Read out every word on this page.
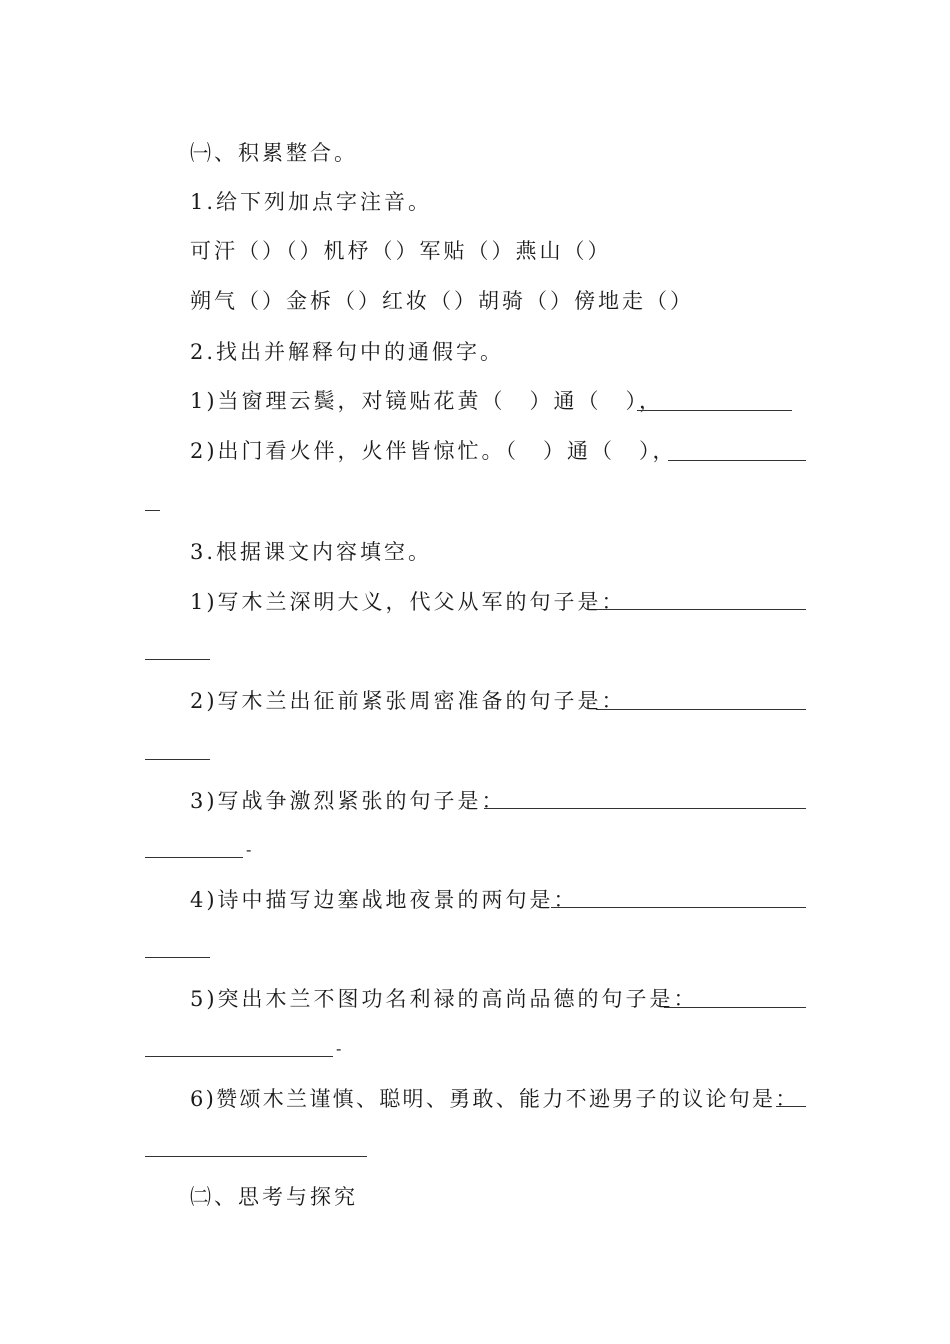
㈠、积累整合。
1.给下列加点字注音。
可汗（）（）机杼（）军贴（）燕山（）
朔气（）金柝（）红妆（）胡骑（）傍地走（）
2.找出并解释句中的通假字。
1)当窗理云鬓，对镜贴花黄（　）通（　），
2)出门看火伴，火伴皆惊忙。（　）通（　），
3.根据课文内容填空。
1)写木兰深明大义，代父从军的句子是：
2)写木兰出征前紧张周密准备的句子是：
3)写战争激烈紧张的句子是：
-
4)诗中描写边塞战地夜景的两句是：
5)突出木兰不图功名利禄的高尚品德的句子是：
-
6)赞颂木兰谨慎、聪明、勇敢、能力不逊男子的议论句是：
㈡、思考与探究
